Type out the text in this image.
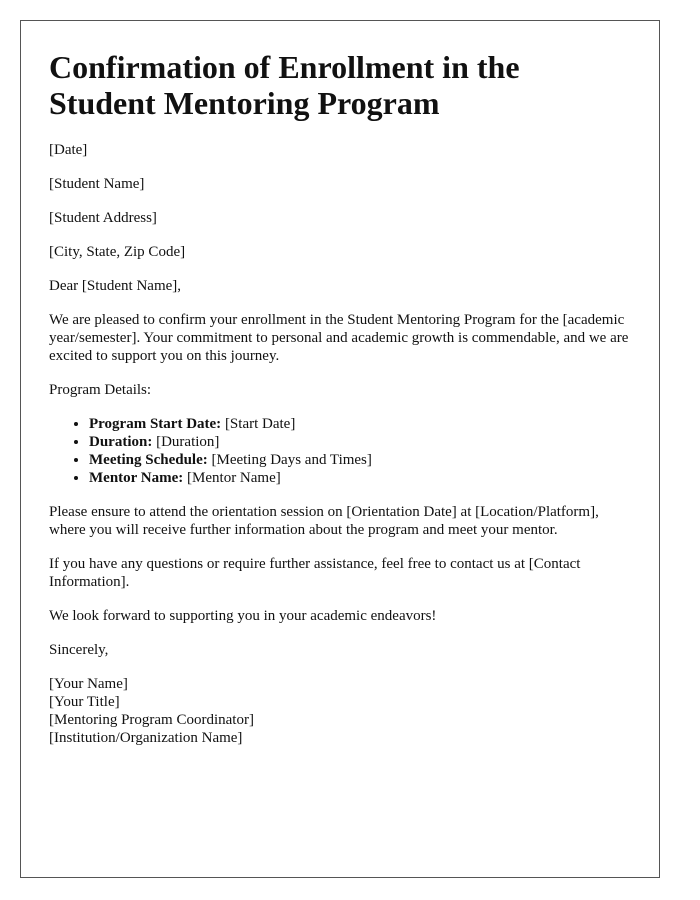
Confirmation of Enrollment in the Student Mentoring Program

[Date]

[Student Name]

[Student Address]

[City, State, Zip Code]

Dear [Student Name],

We are pleased to confirm your enrollment in the Student Mentoring Program for the [academic year/semester]. Your commitment to personal and academic growth is commendable, and we are excited to support you on this journey.

Program Details:

• Program Start Date: [Start Date]
• Duration: [Duration]
• Meeting Schedule: [Meeting Days and Times]
• Mentor Name: [Mentor Name]

Please ensure to attend the orientation session on [Orientation Date] at [Location/Platform], where you will receive further information about the program and meet your mentor.

If you have any questions or require further assistance, feel free to contact us at [Contact Information].

We look forward to supporting you in your academic endeavors!

Sincerely,

[Your Name]
[Your Title]
[Mentoring Program Coordinator]
[Institution/Organization Name]
